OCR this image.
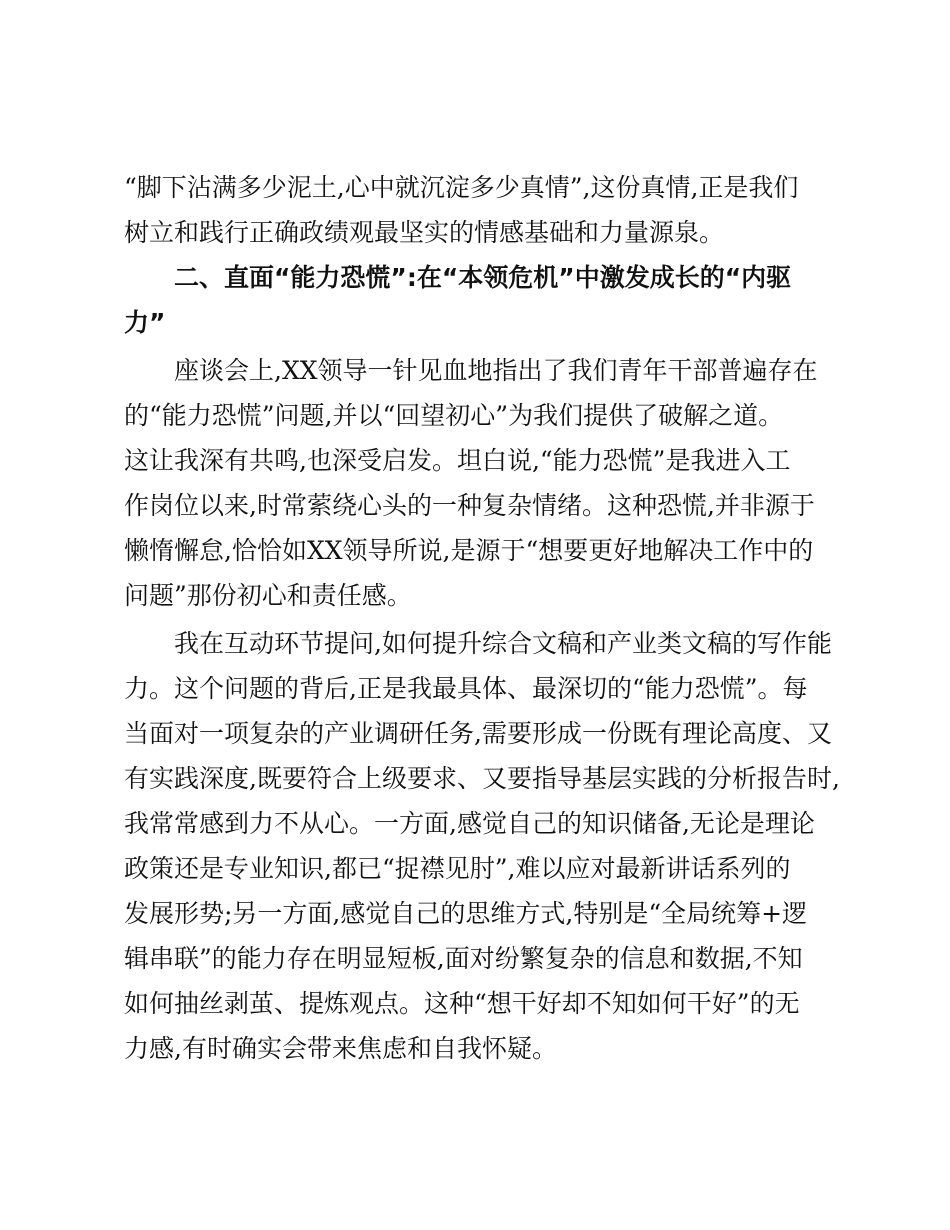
“脚下沾满多少泥土,心中就沉淀多少真情”,这份真情,正是我们
树立和践行正确政绩观最坚实的情感基础和力量源泉。
二、直面“能力恐慌”:在“本领危机”中激发成长的“内驱
力”
座谈会上,XX领导一针见血地指出了我们青年干部普遍存在
的“能力恐慌”问题,并以“回望初心”为我们提供了破解之道。
这让我深有共鸣,也深受启发。坦白说,“能力恐慌”是我进入工
作岗位以来,时常萦绕心头的一种复杂情绪。这种恐慌,并非源于
懒惰懈怠,恰恰如XX领导所说,是源于“想要更好地解决工作中的
问题”那份初心和责任感。
我在互动环节提问,如何提升综合文稿和产业类文稿的写作能
力。这个问题的背后,正是我最具体、最深切的“能力恐慌”。每
当面对一项复杂的产业调研任务,需要形成一份既有理论高度、又
有实践深度,既要符合上级要求、又要指导基层实践的分析报告时,
我常常感到力不从心。一方面,感觉自己的知识储备,无论是理论
政策还是专业知识,都已“捉襟见肘”,难以应对最新讲话系列的
发展形势;另一方面,感觉自己的思维方式,特别是“全局统筹+逻
辑串联”的能力存在明显短板,面对纷繁复杂的信息和数据,不知
如何抽丝剥茧、提炼观点。这种“想干好却不知如何干好”的无
力感,有时确实会带来焦虑和自我怀疑。
